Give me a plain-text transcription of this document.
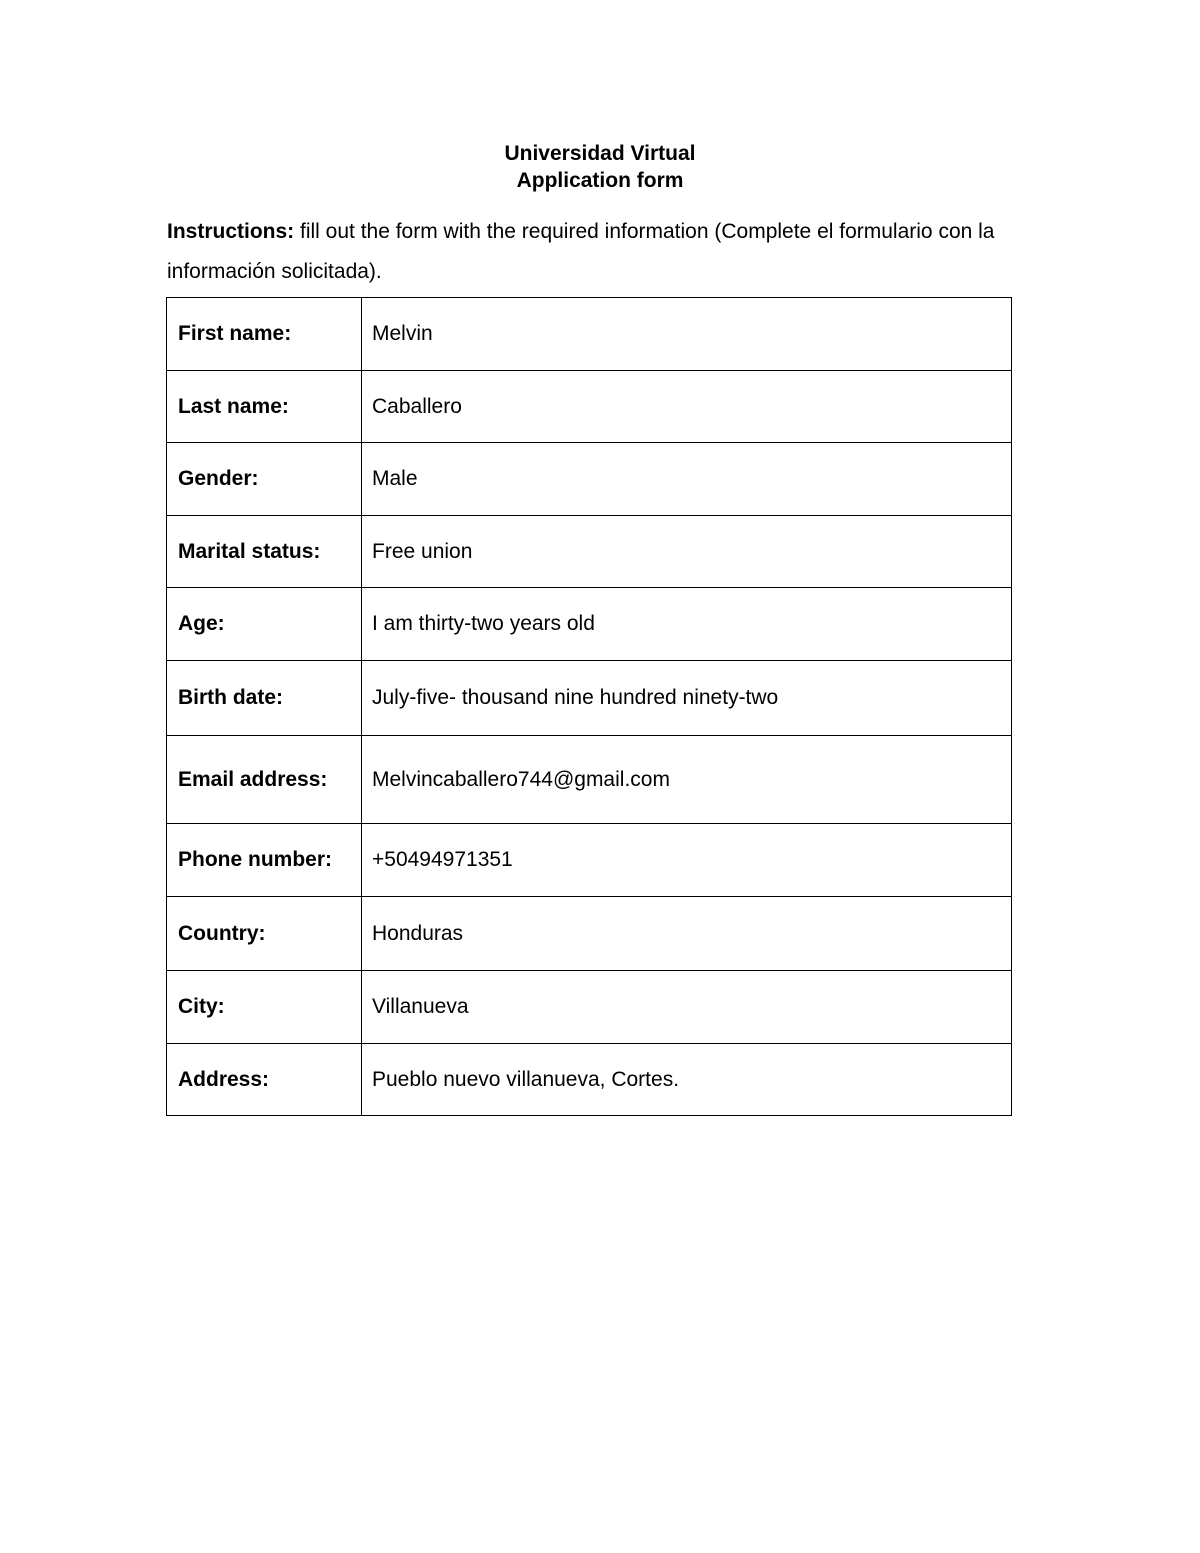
Universidad Virtual
Application form
Instructions: fill out the form with the required information (Complete el formulario con la información solicitada).
First name:	Melvin
Last name:	Caballero
Gender:	Male
Marital status:	Free union
Age:	I am thirty-two years old
Birth date:	July-five- thousand nine hundred ninety-two
Email address:	Melvincaballero744@gmail.com
Phone number:	+50494971351
Country:	Honduras
City:	Villanueva
Address:	Pueblo nuevo villanueva, Cortes.
